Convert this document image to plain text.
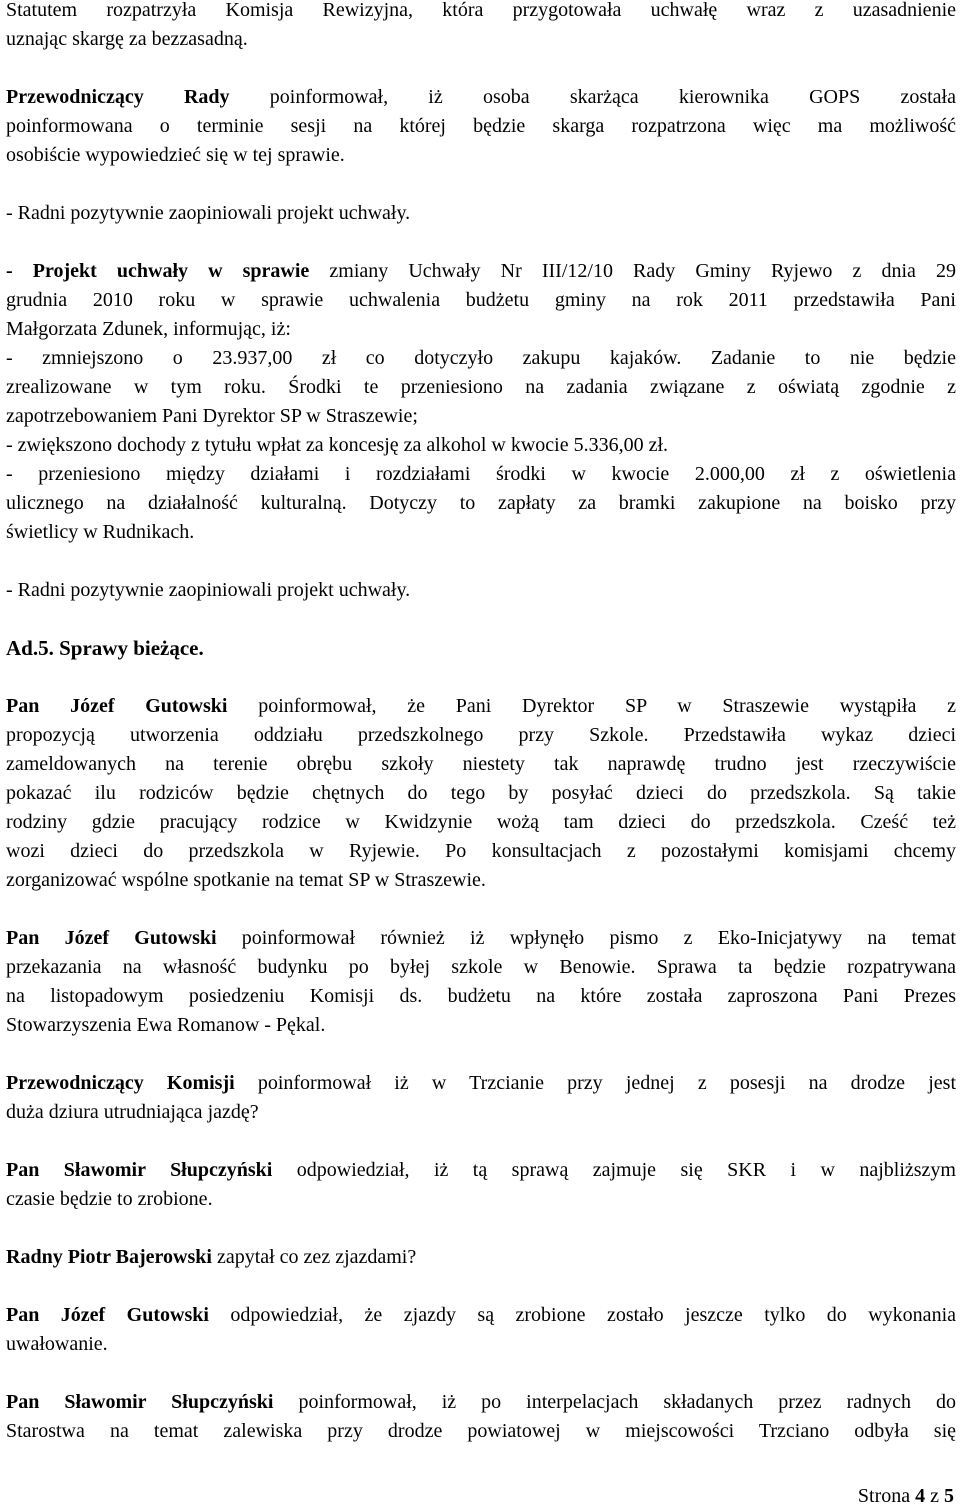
Statutem rozpatrzyła Komisja Rewizyjna, która przygotowała uchwałę wraz z uzasadnienie
uznając skargę za bezzasadną.

Przewodniczący Rady poinformował, iż osoba skarżąca kierownika GOPS została
poinformowana o terminie sesji na której będzie skarga rozpatrzona więc ma możliwość
osobiście wypowiedzieć się w tej sprawie.

- Radni pozytywnie zaopiniowali projekt uchwały.

- Projekt uchwały w sprawie zmiany Uchwały Nr III/12/10 Rady Gminy Ryjewo z dnia 29
grudnia 2010 roku w sprawie uchwalenia budżetu gminy na rok 2011 przedstawiła Pani
Małgorzata Zdunek, informując, iż:
- zmniejszono o 23.937,00 zł co dotyczyło zakupu kajaków. Zadanie to nie będzie
zrealizowane w tym roku. Środki te przeniesiono na zadania związane z oświatą zgodnie z
zapotrzebowaniem Pani Dyrektor SP w Straszewie;
- zwiększono dochody z tytułu wpłat za koncesję za alkohol w kwocie 5.336,00 zł.
- przeniesiono między działami i rozdziałami środki w kwocie 2.000,00 zł z oświetlenia
ulicznego na działalność kulturalną. Dotyczy to zapłaty za bramki zakupione na boisko przy
świetlicy w Rudnikach.

- Radni pozytywnie zaopiniowali projekt uchwały.

Ad.5. Sprawy bieżące.

Pan Józef Gutowski poinformował, że Pani Dyrektor SP w Straszewie wystąpiła z
propozycją utworzenia oddziału przedszkolnego przy Szkole. Przedstawiła wykaz dzieci
zameldowanych na terenie obrębu szkoły niestety tak naprawdę trudno jest rzeczywiście
pokazać ilu rodziców będzie chętnych do tego by posyłać dzieci do przedszkola. Są takie
rodziny gdzie pracujący rodzice w Kwidzynie wożą tam dzieci do przedszkola. Cześć też
wozi dzieci do przedszkola w Ryjewie. Po konsultacjach z pozostałymi komisjami chcemy
zorganizować wspólne spotkanie na temat SP w Straszewie.

Pan Józef Gutowski poinformował również iż wpłynęło pismo z Eko-Inicjatywy na temat
przekazania na własność budynku po byłej szkole w Benowie. Sprawa ta będzie rozpatrywana
na listopadowym posiedzeniu Komisji ds. budżetu na które została zaproszona Pani Prezes
Stowarzyszenia Ewa Romanow - Pękal.

Przewodniczący Komisji poinformował iż w Trzcianie przy jednej z posesji na drodze jest
duża dziura utrudniająca jazdę?

Pan Sławomir Słupczyński odpowiedział, iż tą sprawą zajmuje się SKR i w najbliższym
czasie będzie to zrobione.

Radny Piotr Bajerowski zapytał co zez zjazdami?

Pan Józef Gutowski odpowiedział, że zjazdy są zrobione zostało jeszcze tylko do wykonania
uwałowanie.

Pan Sławomir Słupczyński poinformował, iż po interpelacjach składanych przez radnych do
Starostwa na temat zalewiska przy drodze powiatowej w miejscowości Trzciano odbyła się

Strona 4 z 5
